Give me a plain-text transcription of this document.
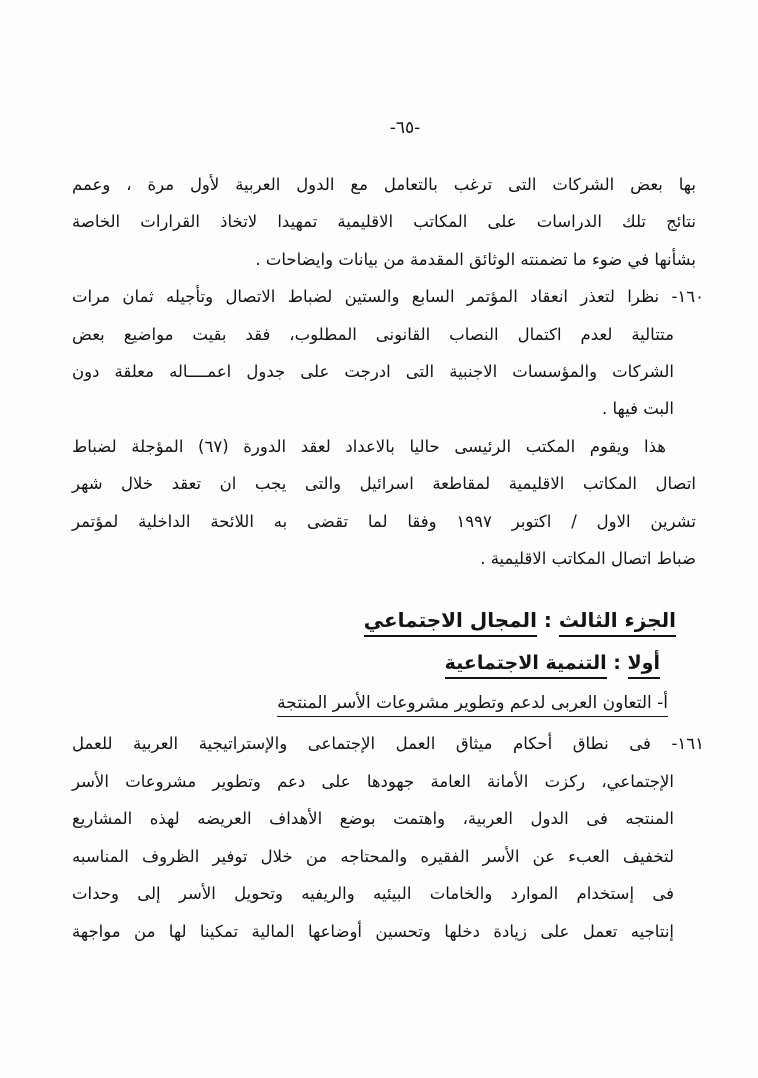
-٦٥-
بها بعض الشركات التى ترغب بالتعامل مع الدول العربية لأول مرة ، وعمم
نتائج تلك الدراسات على المكاتب الاقليمية تمهيدا لاتخاذ القرارات الخاصة
بشأنها في ضوء ما تضمنته الوثائق المقدمة من بيانات وايضاحات .
١٦٠- نظرا لتعذر انعقاد المؤتمر السابع والستين لضباط الاتصال وتأجيله ثمان مرات
متتالية لعدم اكتمال النصاب القانونى المطلوب، فقد بقيت مواضيع بعض
الشركات والمؤسسات الاجنبية التى ادرجت على جدول اعمــــاله معلقة دون
البت فيها .
هذا ويقوم المكتب الرئيسى حاليا بالاعداد لعقد الدورة (٦٧) المؤجلة لضباط
اتصال المكاتب الاقليمية لمقاطعة اسرائيل والتى يجب ان تعقد خلال شهر
تشرين الاول / اكتوبر ١٩٩٧ وفقا لما تقضى به اللائحة الداخلية لمؤتمر
ضباط اتصال المكاتب الاقليمية .
الجزء الثالث : المجال الاجتماعي
أولا : التنمية الاجتماعية
أ- التعاون العربى لدعم وتطوير مشروعات الأسر المنتجة
١٦١- فى نطاق أحكام ميثاق العمل الإجتماعى والإستراتيجية العربية للعمل
الإجتماعي، ركزت الأمانة العامة جهودها على دعم وتطوير مشروعات الأسر
المنتجه فى الدول العربية، واهتمت بوضع الأهداف العريضه لهذه المشاريع
لتخفيف العبء عن الأسر الفقيره والمحتاجه من خلال توفير الظروف المناسبه
فى إستخدام الموارد والخامات البيئيه والريفيه وتحويل الأسر إلى وحدات
إنتاجيه تعمل على زيادة دخلها وتحسين أوضاعها المالية تمكينا لها من مواجهة
